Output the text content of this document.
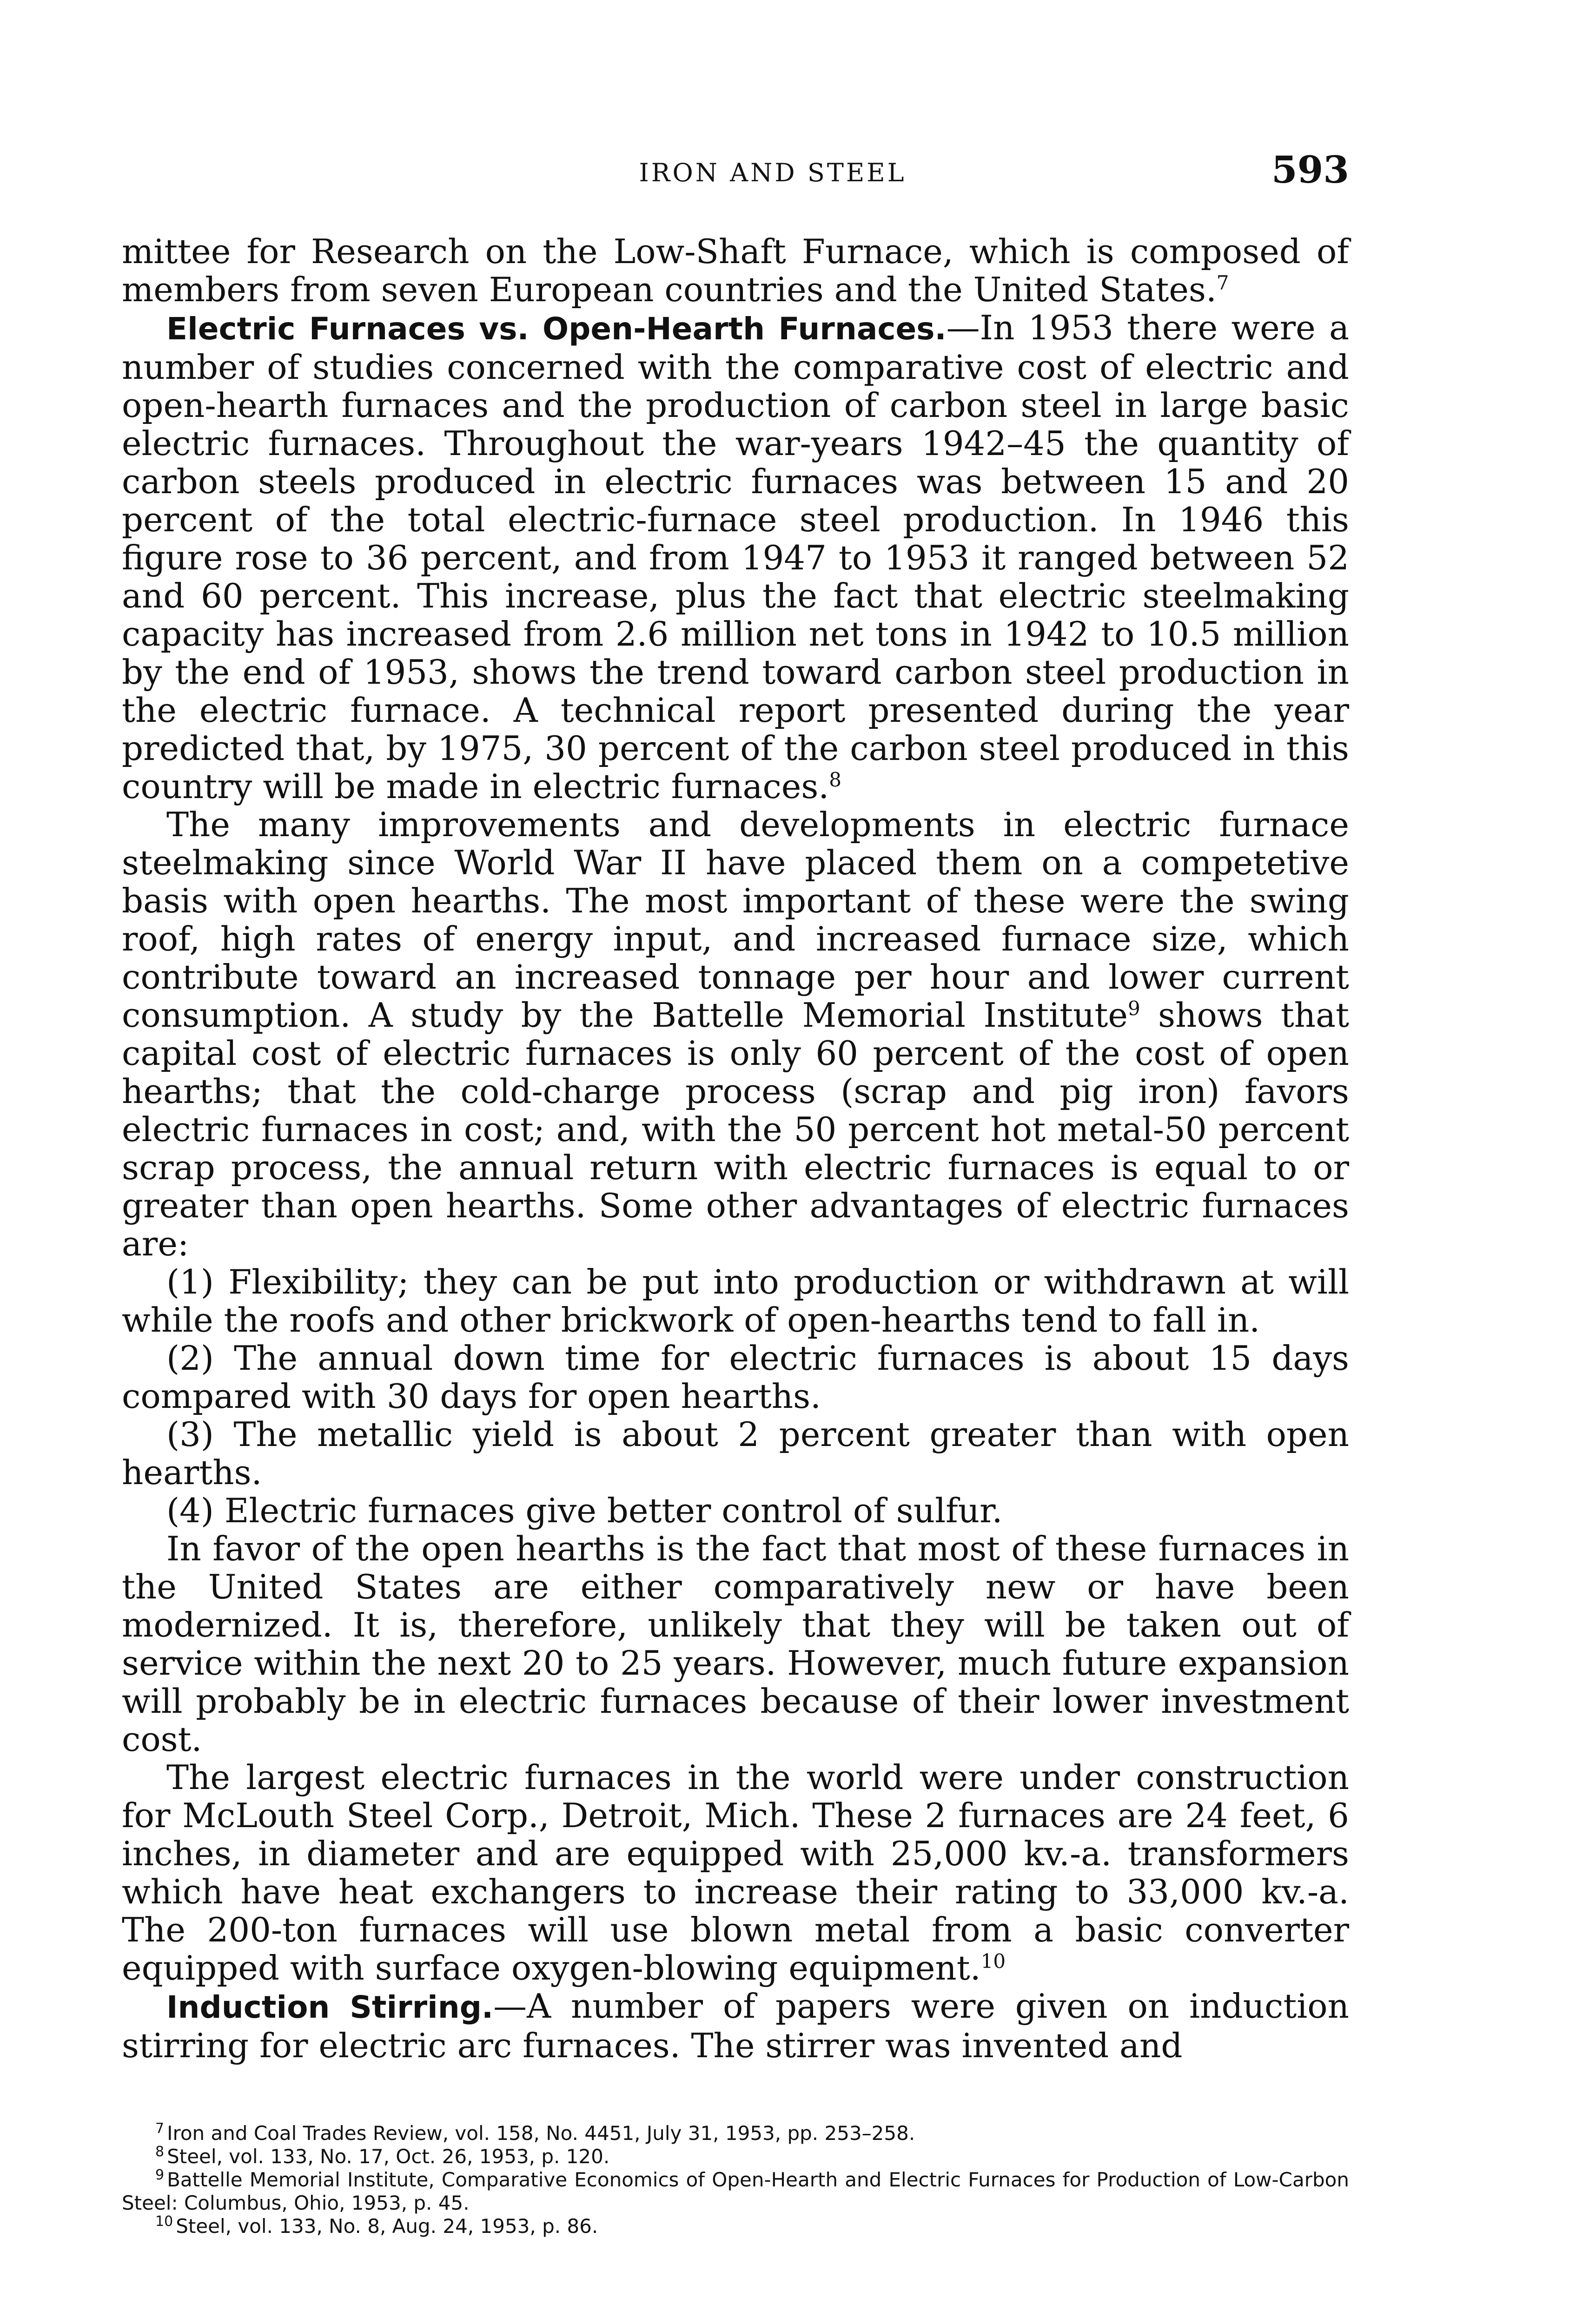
IRON AND STEEL	593

mittee for Research on the Low-Shaft Furnace, which is composed of members from seven European countries and the United States.$^7$

Electric Furnaces vs. Open-Hearth Furnaces.—In 1953 there were a number of studies concerned with the comparative cost of electric and open-hearth furnaces and the production of carbon steel in large basic electric furnaces. Throughout the war-years 1942–45 the quantity of carbon steels produced in electric furnaces was between 15 and 20 percent of the total electric-furnace steel production. In 1946 this figure rose to 36 percent, and from 1947 to 1953 it ranged between 52 and 60 percent. This increase, plus the fact that electric steelmaking capacity has increased from 2.6 million net tons in 1942 to 10.5 million by the end of 1953, shows the trend toward carbon steel production in the electric furnace. A technical report presented during the year predicted that, by 1975, 30 percent of the carbon steel produced in this country will be made in electric furnaces.$^8$

The many improvements and developments in electric furnace steelmaking since World War II have placed them on a competetive basis with open hearths. The most important of these were the swing roof, high rates of energy input, and increased furnace size, which contribute toward an increased tonnage per hour and lower current consumption. A study by the Battelle Memorial Institute$^9$ shows that capital cost of electric furnaces is only 60 percent of the cost of open hearths; that the cold-charge process (scrap and pig iron) favors electric furnaces in cost; and, with the 50 percent hot metal-50 percent scrap process, the annual return with electric furnaces is equal to or greater than open hearths. Some other advantages of electric furnaces are:

(1) Flexibility; they can be put into production or withdrawn at will while the roofs and other brickwork of open-hearths tend to fall in.

(2) The annual down time for electric furnaces is about 15 days compared with 30 days for open hearths.

(3) The metallic yield is about 2 percent greater than with open hearths.

(4) Electric furnaces give better control of sulfur.

In favor of the open hearths is the fact that most of these furnaces in the United States are either comparatively new or have been modernized. It is, therefore, unlikely that they will be taken out of service within the next 20 to 25 years. However, much future expansion will probably be in electric furnaces because of their lower investment cost.

The largest electric furnaces in the world were under construction for McLouth Steel Corp., Detroit, Mich. These 2 furnaces are 24 feet, 6 inches, in diameter and are equipped with 25,000 kv.-a. transformers which have heat exchangers to increase their rating to 33,000 kv.-a. The 200-ton furnaces will use blown metal from a basic converter equipped with surface oxygen-blowing equipment.$^{10}$

Induction Stirring.—A number of papers were given on induction stirring for electric arc furnaces. The stirrer was invented and

$^7$ Iron and Coal Trades Review, vol. 158, No. 4451, July 31, 1953, pp. 253–258.

$^8$ Steel, vol. 133, No. 17, Oct. 26, 1953, p. 120.

$^9$ Battelle Memorial Institute, Comparative Economics of Open-Hearth and Electric Furnaces for Production of Low-Carbon Steel: Columbus, Ohio, 1953, p. 45.

$^{10}$ Steel, vol. 133, No. 8, Aug. 24, 1953, p. 86.
